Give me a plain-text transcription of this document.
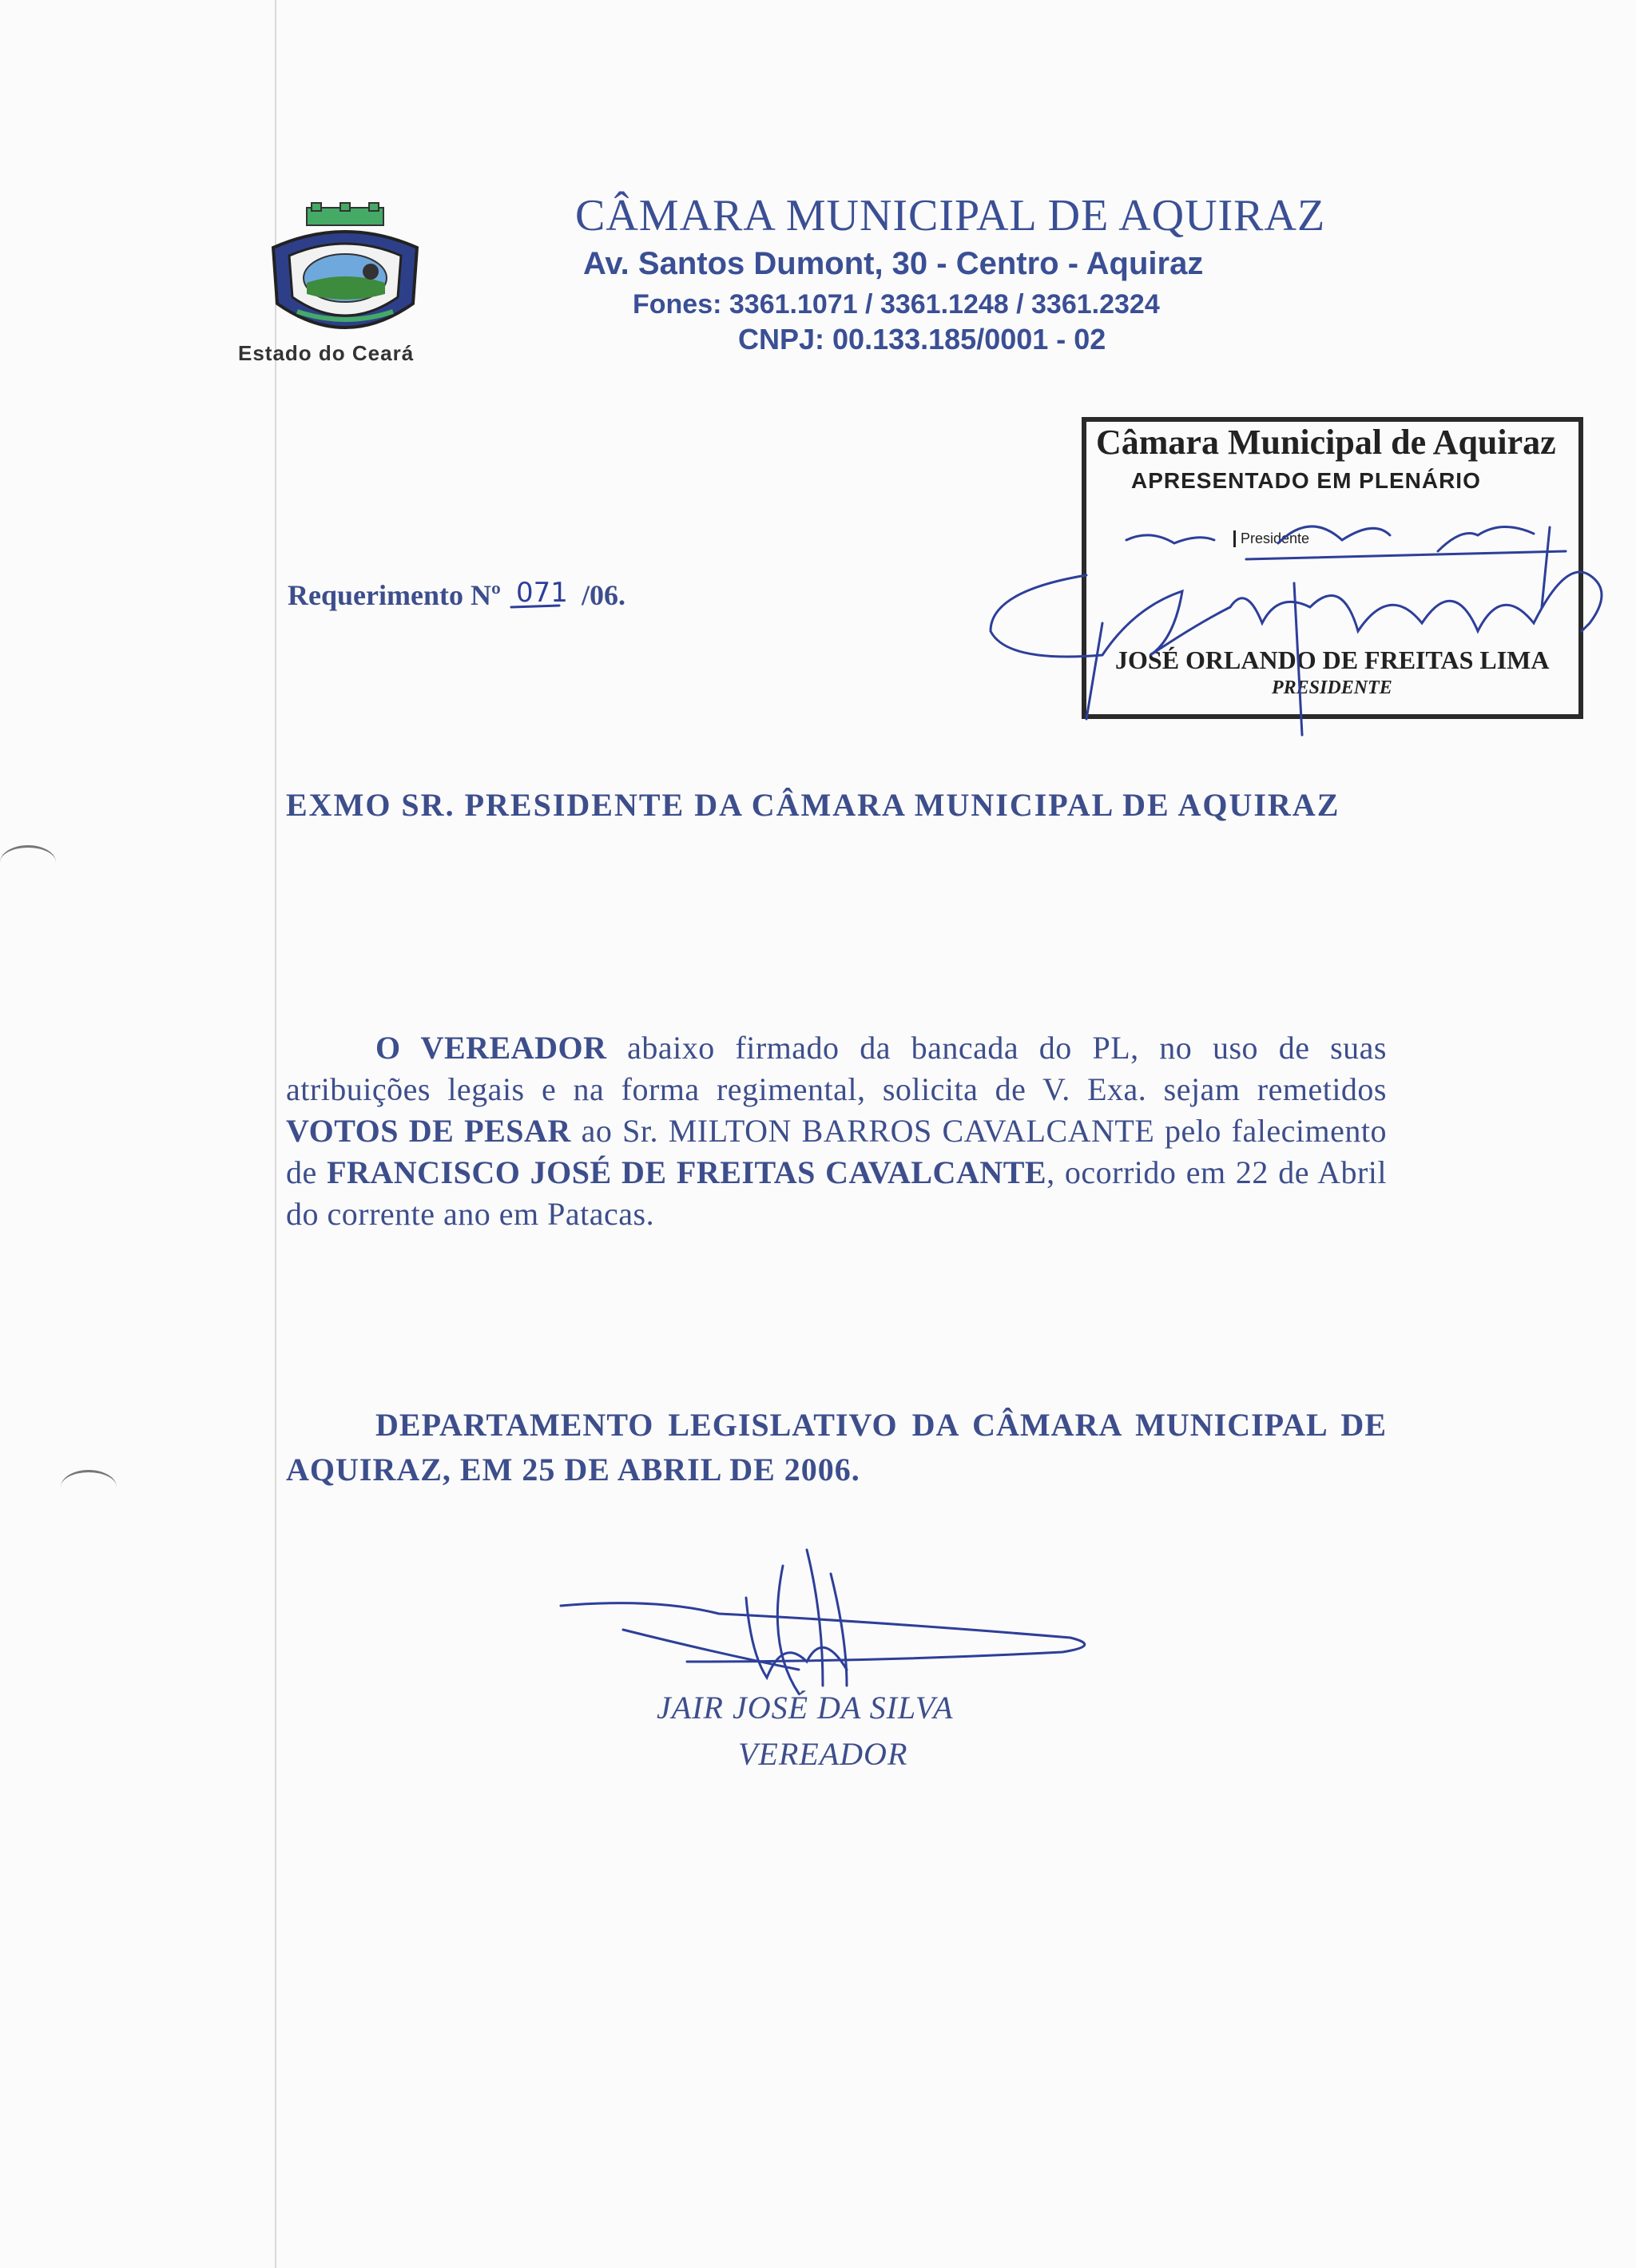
Estado do Ceará
CÂMARA MUNICIPAL DE AQUIRAZ
Av. Santos Dumont, 30 - Centro - Aquiraz
Fones: 3361.1071 / 3361.1248 / 3361.2324
CNPJ: 00.133.185/0001 - 02
Câmara Municipal de Aquiraz
APRESENTADO EM PLENÁRIO
Presidente
JOSÉ ORLANDO DE FREITAS LIMA
PRESIDENTE
Requerimento Nº 071 /06.
EXMO SR. PRESIDENTE DA CÂMARA MUNICIPAL DE AQUIRAZ
O VEREADOR abaixo firmado da bancada do PL, no uso de suas atribuições legais e na forma regimental, solicita de V. Exa. sejam remetidos VOTOS DE PESAR ao Sr. MILTON BARROS CAVALCANTE pelo falecimento de FRANCISCO JOSÉ DE FREITAS CAVALCANTE, ocorrido em 22 de Abril do corrente ano em Patacas.
DEPARTAMENTO LEGISLATIVO DA CÂMARA MUNICIPAL DE AQUIRAZ, EM 25 DE ABRIL DE 2006.
JAIR JOSÉ DA SILVA
VEREADOR
